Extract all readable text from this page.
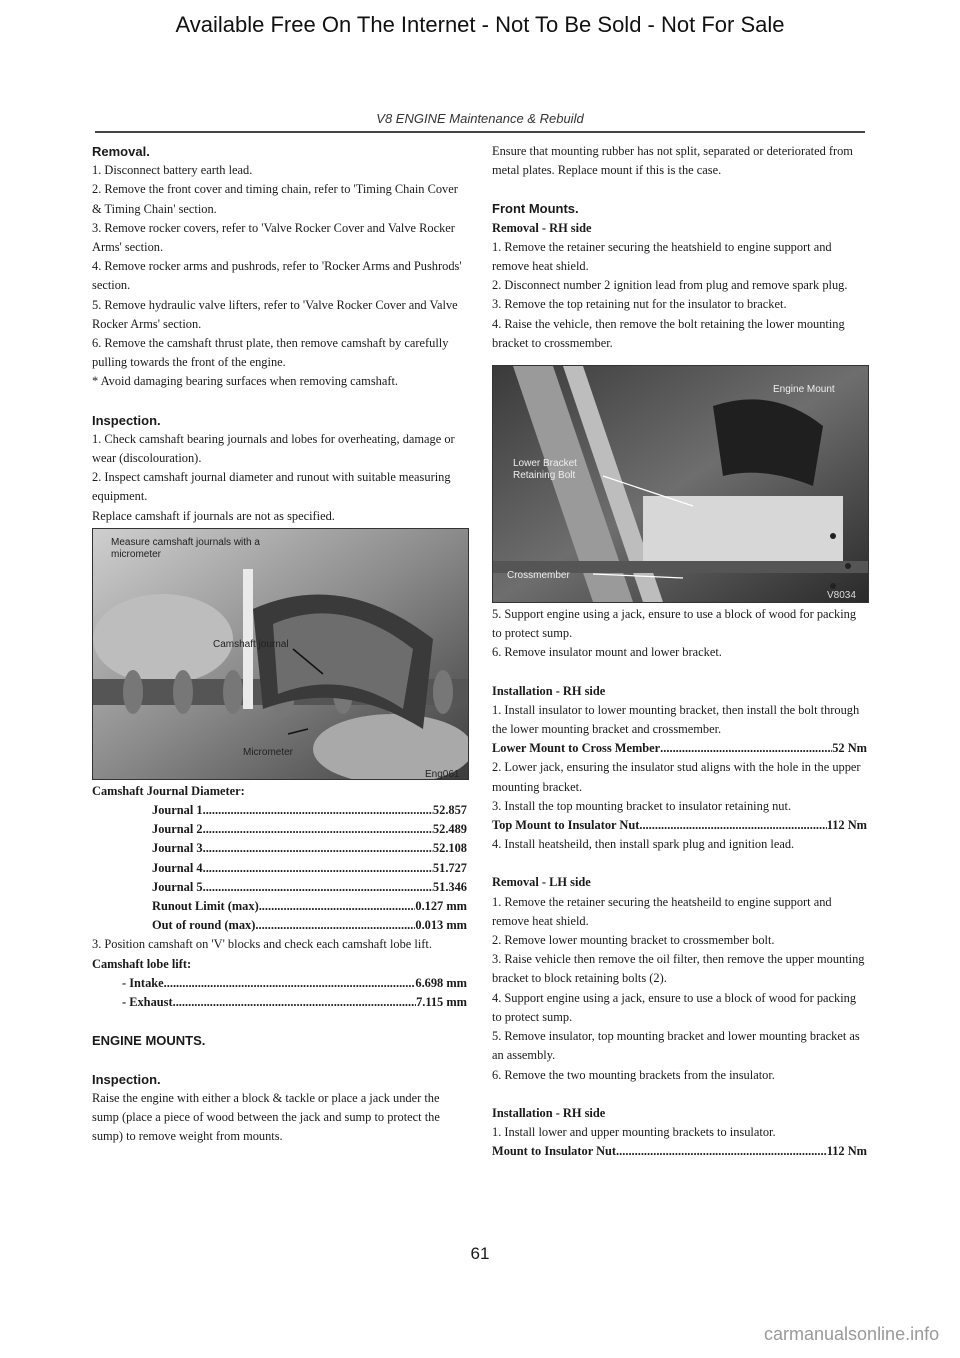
Available Free On The Internet - Not To Be Sold - Not For Sale
V8 ENGINE Maintenance & Rebuild

Removal.

1. Disconnect battery earth lead.

2. Remove the front cover and timing chain, refer to 'Timing Chain Cover & Timing Chain' section.

3. Remove rocker covers, refer to 'Valve Rocker Cover and Valve Rocker Arms' section.

4. Remove rocker arms and pushrods, refer to 'Rocker Arms and Pushrods' section.

5. Remove hydraulic valve lifters, refer to 'Valve Rocker Cover and Valve Rocker Arms' section.

6. Remove the camshaft thrust plate, then remove camshaft by carefully pulling towards the front of the engine.

* Avoid damaging bearing surfaces when removing camshaft.

Inspection.

1. Check camshaft bearing journals and lobes for overheating, damage or wear (discolouration).

2. Inspect camshaft journal diameter and runout with suitable measuring equipment.

Replace camshaft if journals are not as specified.

Measure camshaft journals with a micrometer
Camshaft journal
Micrometer
Eng061

Camshaft Journal Diameter:

Journal 1 .....	52.857
Journal 2 .....	52.489
Journal 3 .....	52.108
Journal 4 .....	51.727
Journal 5 .....	51.346
Runout Limit (max) .....	0.127 mm
Out of round (max) .....	0.013 mm

3. Position camshaft on 'V' blocks and check each camshaft lobe lift.

Camshaft lobe lift:

- Intake .....	6.698 mm
- Exhaust .....	7.115 mm

ENGINE MOUNTS.

Inspection.

Raise the engine with either a block & tackle or place a jack under the sump (place a piece of wood between the jack and sump to protect the sump) to remove weight from mounts.

Ensure that mounting rubber has not split, separated or deteriorated from metal plates. Replace mount if this is the case.

Front Mounts.

Removal - RH side

1. Remove the retainer securing the heatshield to engine support and remove heat shield.

2. Disconnect number 2 ignition lead from plug and remove spark plug.

3. Remove the top retaining nut for the insulator to bracket.

4. Raise the vehicle, then remove the bolt retaining the lower mounting bracket to crossmember.

Engine Mount
Lower Bracket Retaining Bolt
Crossmember
V8034

5. Support engine using a jack, ensure to use a block of wood for packing to protect sump.

6. Remove insulator mount and lower bracket.

Installation - RH side

1. Install insulator to lower mounting bracket, then install the bolt through the lower mounting bracket and crossmember.

Lower Mount to Cross Member .....	52 Nm

2. Lower jack, ensuring the insulator stud aligns with the hole in the upper mounting bracket.

3. Install the top mounting bracket to insulator retaining nut.

Top Mount to Insulator Nut .....	112 Nm

4. Install heatsheild, then install spark plug and ignition lead.

Removal - LH side

1. Remove the retainer securing the heatsheild to engine support and remove heat shield.

2. Remove lower mounting bracket to crossmember bolt.

3. Raise vehicle then remove the oil filter, then remove the upper mounting bracket to block retaining bolts (2).

4. Support engine using a jack, ensure to use a block of wood for packing to protect sump.

5. Remove insulator, top mounting bracket and lower mounting bracket as an assembly.

6. Remove the two mounting brackets from the insulator.

Installation - RH side

1. Install lower and upper mounting brackets to insulator.

Mount to Insulator Nut .....	112 Nm
61
carmanualsonline.info
